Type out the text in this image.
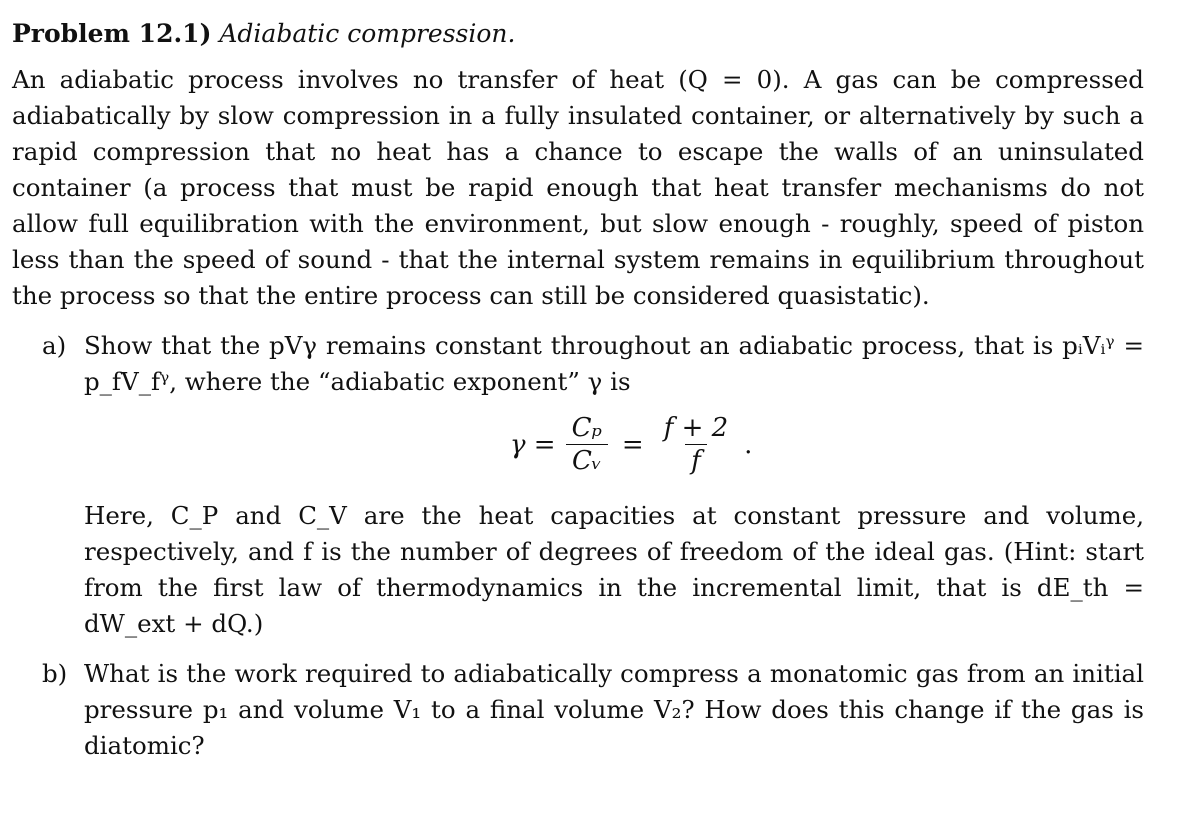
Problem 12.1) Adiabatic compression.

An adiabatic process involves no transfer of heat (Q = 0). A gas can be compressed adiabatically by slow compression in a fully insulated container, or alternatively by such a rapid compression that no heat has a chance to escape the walls of an uninsulated container (a process that must be rapid enough that heat transfer mechanisms do not allow full equilibration with the environment, but slow enough - roughly, speed of piston less than the speed of sound - that the internal system remains in equilibrium throughout the process so that the entire process can still be considered quasistatic).

a) Show that the pVγ remains constant throughout an adiabatic process, that is pᵢVᵢᵞ = p_fV_fᵞ, where the “adiabatic exponent” γ is

$\gamma = \frac{\text{Cₚ}}{\text{Cᵥ}} = \frac{f + 2}{f}$ .

Here, C_P and C_V are the heat capacities at constant pressure and volume, respectively, and f is the number of degrees of freedom of the ideal gas. (Hint: start from the first law of thermodynamics in the incremental limit, that is dE_th = dW_ext + dQ.)

b) What is the work required to adiabatically compress a monatomic gas from an initial pressure p₁ and volume V₁ to a final volume V₂? How does this change if the gas is diatomic?
